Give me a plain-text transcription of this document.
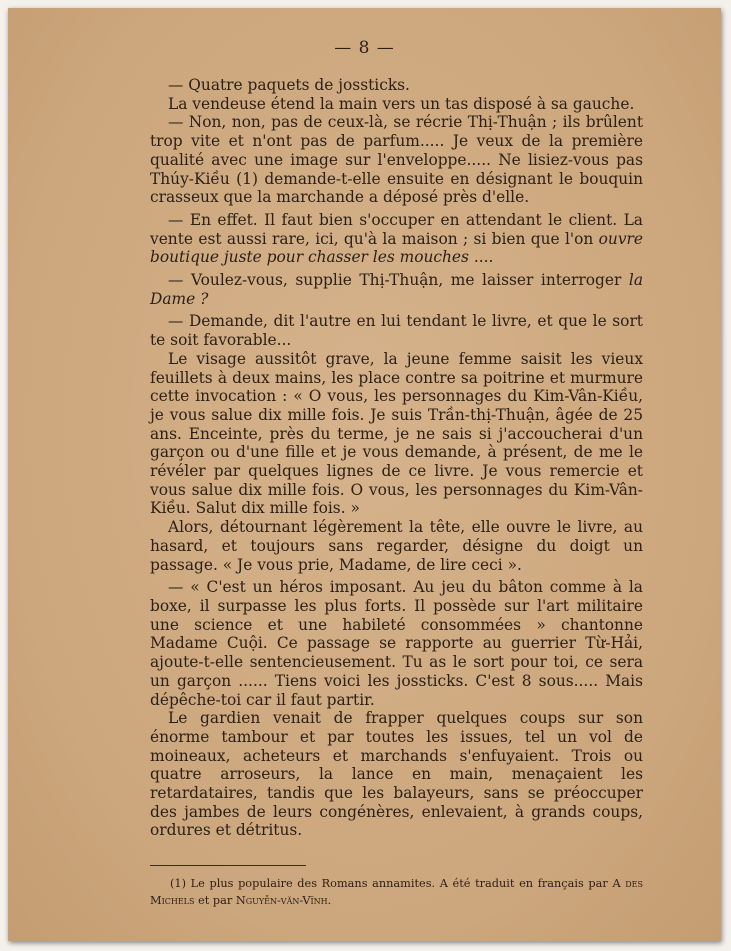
— 8 —

— Quatre paquets de jossticks.

La vendeuse étend la main vers un tas disposé à sa gauche.

— Non, non, pas de ceux-là, se récrie Thị-Thuận ; ils brûlent trop vite et n'ont pas de parfum..... Je veux de la première qualité avec une image sur l'enveloppe..... Ne lisiez-vous pas Thúy-Kiều (1) demande-t-elle ensuite en désignant le bouquin crasseux que la marchande a déposé près d'elle.

— En effet. Il faut bien s'occuper en attendant le client. La vente est aussi rare, ici, qu'à la maison ; si bien que l'on ouvre boutique juste pour chasser les mouches ....

— Voulez-vous, supplie Thị-Thuận, me laisser interroger la Dame ?

— Demande, dit l'autre en lui tendant le livre, et que le sort te soit favorable...

Le visage aussitôt grave, la jeune femme saisit les vieux feuillets à deux mains, les place contre sa poitrine et murmure cette invocation : « O vous, les personnages du Kim-Vân-Kiều, je vous salue dix mille fois. Je suis Trần-thị-Thuận, âgée de 25 ans. Enceinte, près du terme, je ne sais si j'accoucherai d'un garçon ou d'une fille et je vous demande, à présent, de me le révéler par quelques lignes de ce livre. Je vous remercie et vous salue dix mille fois. O vous, les personnages du Kim-Vân-Kiều. Salut dix mille fois. »

Alors, détournant légèrement la tête, elle ouvre le livre, au hasard, et toujours sans regarder, désigne du doigt un passage. « Je vous prie, Madame, de lire ceci ».

— « C'est un héros imposant. Au jeu du bâton comme à la boxe, il surpasse les plus forts. Il possède sur l'art militaire une science et une habileté consommées » chantonne Madame Cuội. Ce passage se rapporte au guerrier Từ-Hải, ajoute-t-elle sentencieusement. Tu as le sort pour toi, ce sera un garçon ...... Tiens voici les jossticks. C'est 8 sous..... Mais dépêche-toi car il faut partir.

Le gardien venait de frapper quelques coups sur son énorme tambour et par toutes les issues, tel un vol de moineaux, acheteurs et marchands s'enfuyaient. Trois ou quatre arroseurs, la lance en main, menaçaient les retardataires, tandis que les balayeurs, sans se préoccuper des jambes de leurs congénères, enlevaient, à grands coups, ordures et détritus.

(1) Le plus populaire des Romans annamites. A été traduit en français par A des Michels et par Nguyễn-văn-Vĩnh.
